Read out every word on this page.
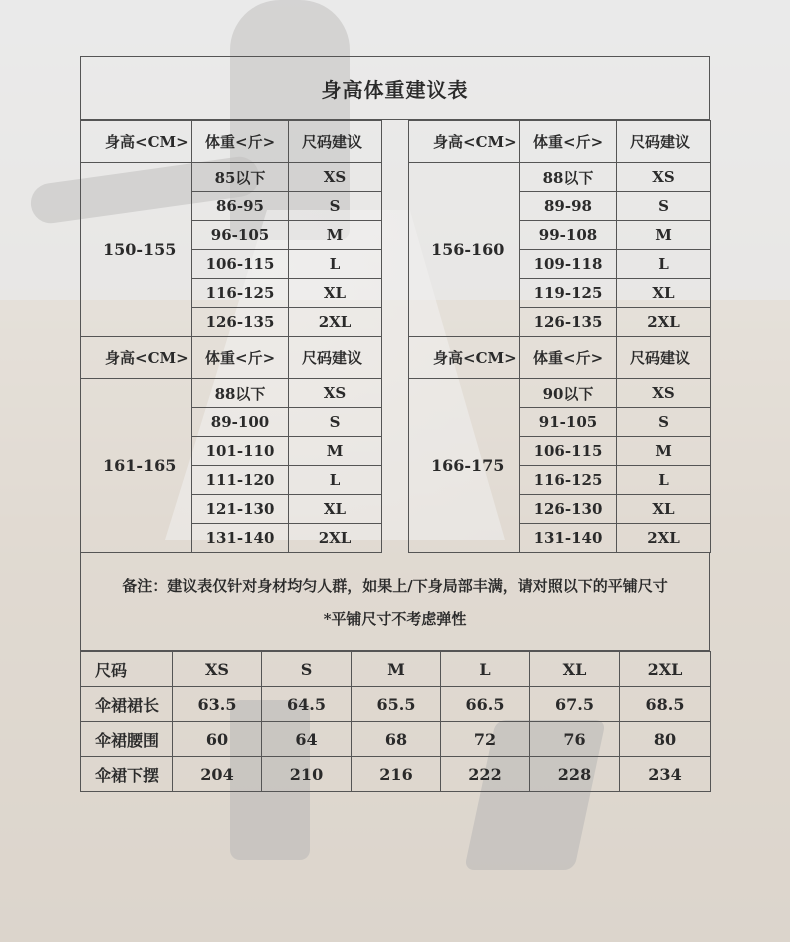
身高体重建议表
身高<CM>	体重<斤>	尺码建议		身高<CM>	体重<斤>	尺码建议
150-155	85以下	XS		156-160	88以下	XS
	86-95	S			89-98	S
	96-105	M			99-108	M
	106-115	L			109-118	L
	116-125	XL			119-125	XL
	126-135	2XL			126-135	2XL
身高<CM>	体重<斤>	尺码建议		身高<CM>	体重<斤>	尺码建议
161-165	88以下	XS		166-175	90以下	XS
	89-100	S			91-105	S
	101-110	M			106-115	M
	111-120	L			116-125	L
	121-130	XL			126-130	XL
	131-140	2XL			131-140	2XL
备注：建议表仅针对身材均匀人群，如果上/下身局部丰满，请对照以下的平铺尺寸
*平铺尺寸不考虑弹性
尺码	XS	S	M	L	XL	2XL
伞裙裙长	63.5	64.5	65.5	66.5	67.5	68.5
伞裙腰围	60	64	68	72	76	80
伞裙下摆	204	210	216	222	228	234
